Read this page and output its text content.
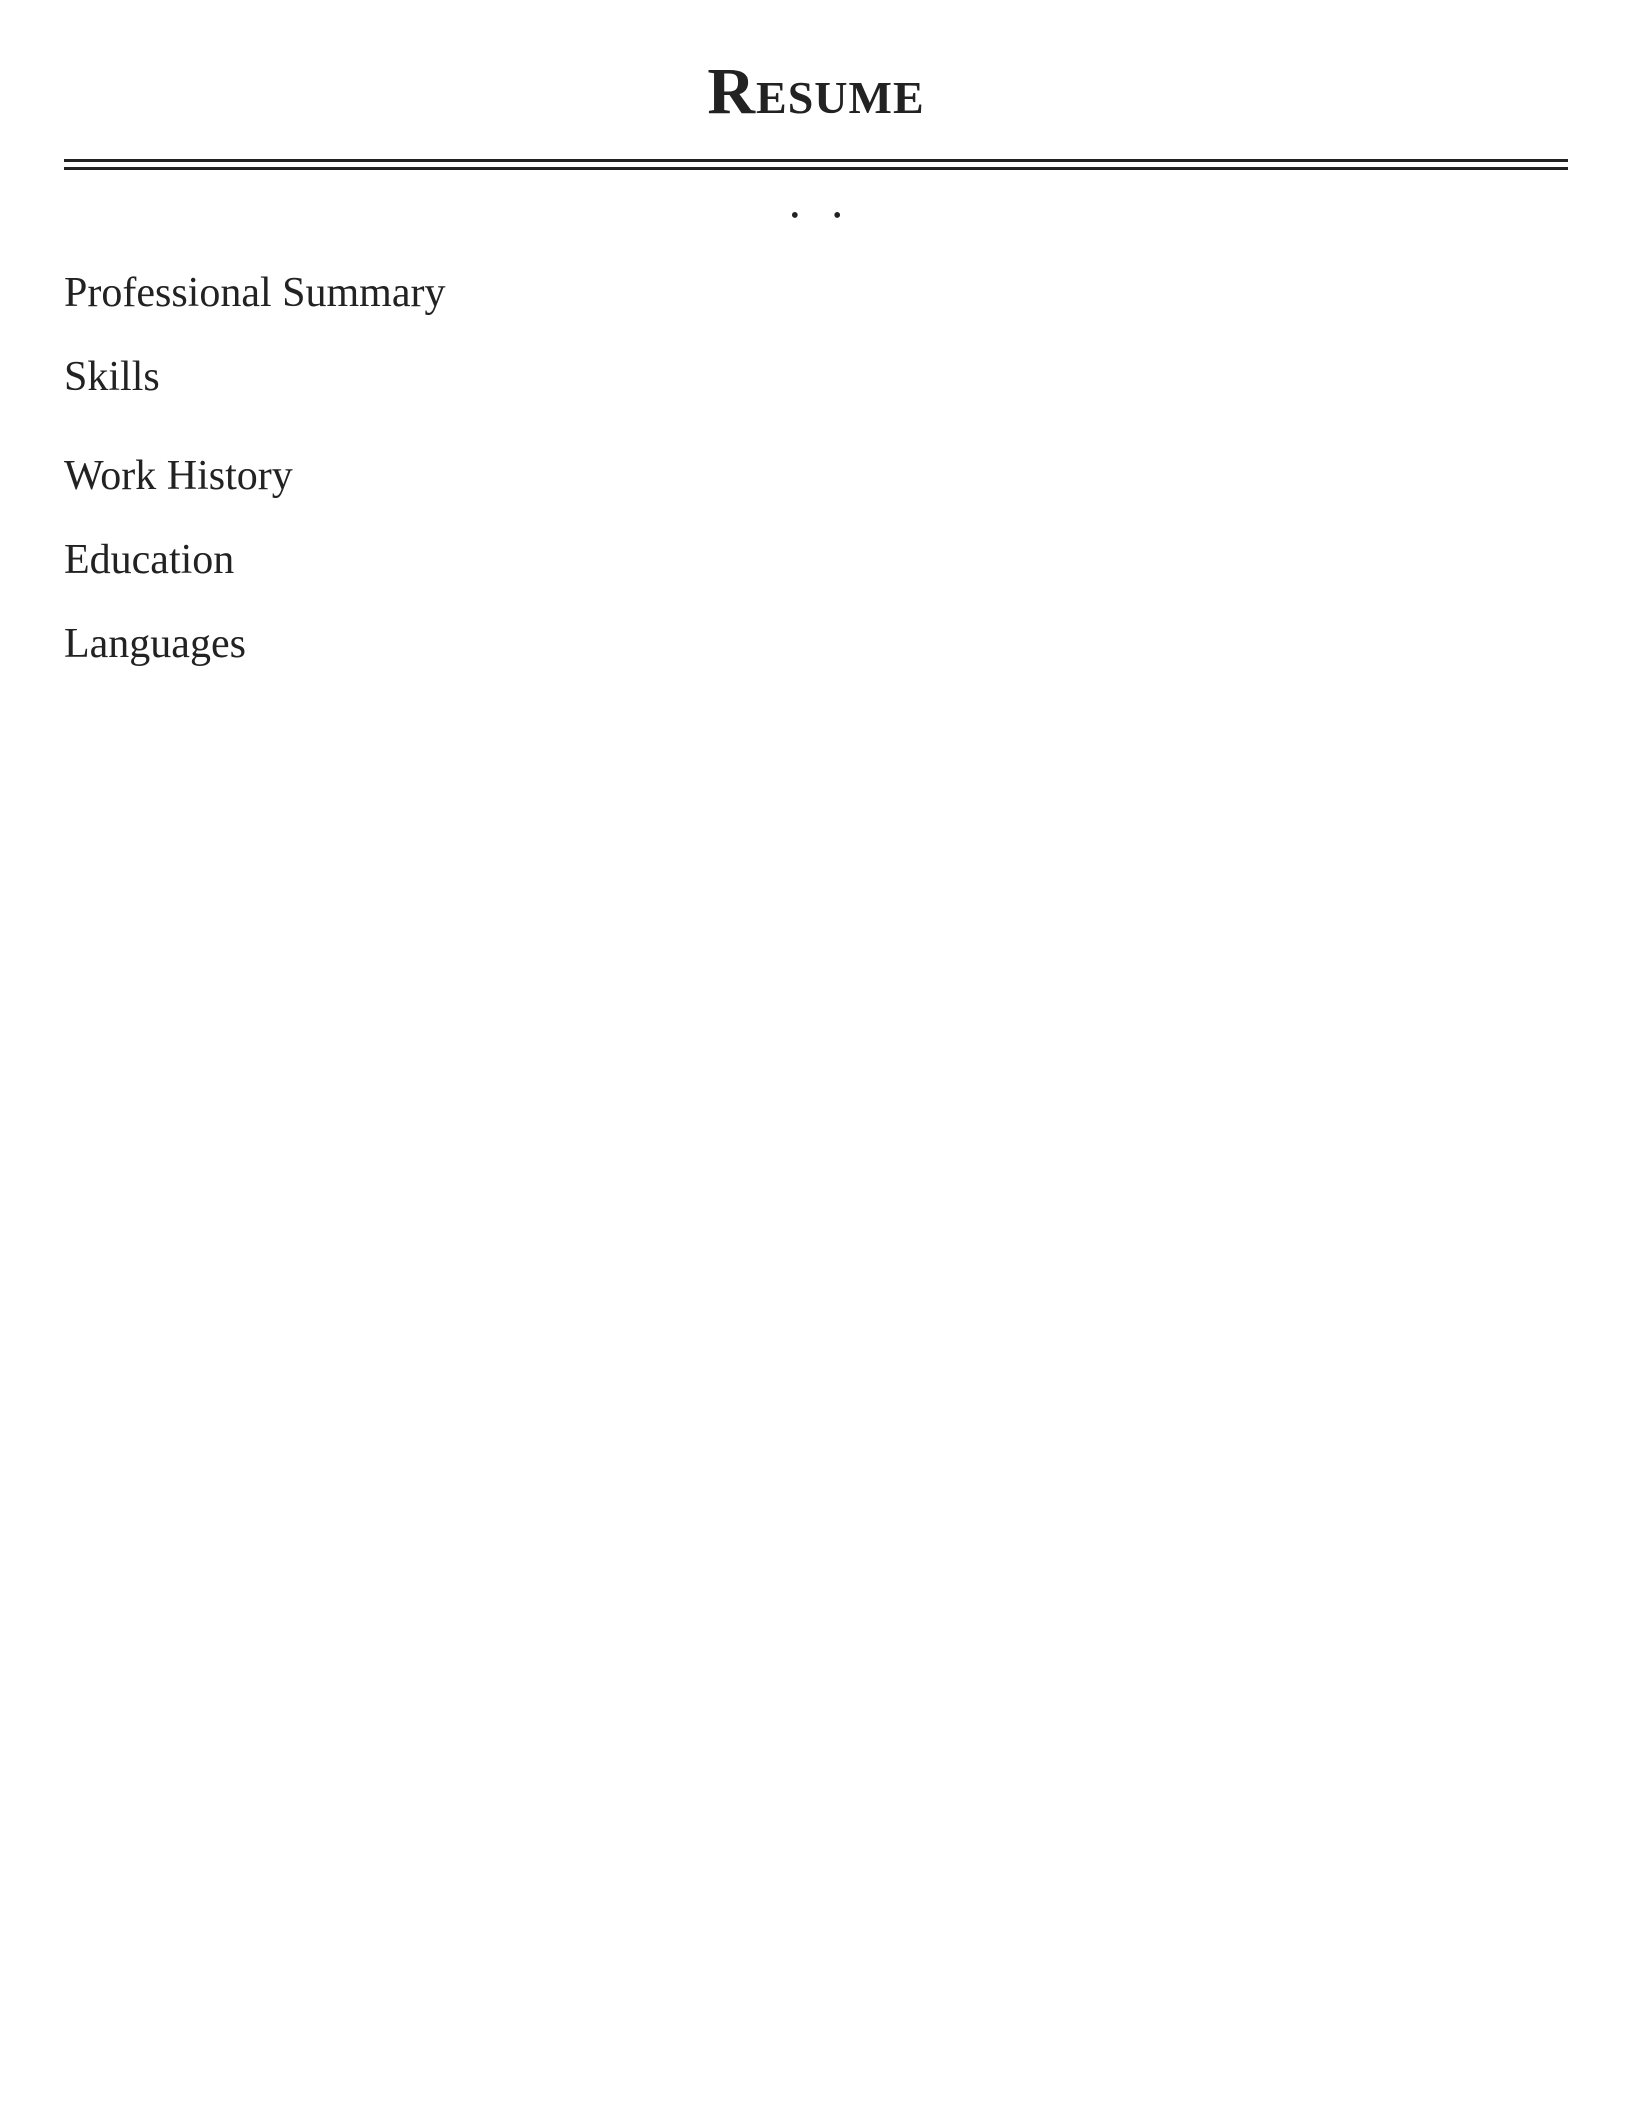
Resume
• •
Professional Summary

Skills
Work History
Education
Languages
